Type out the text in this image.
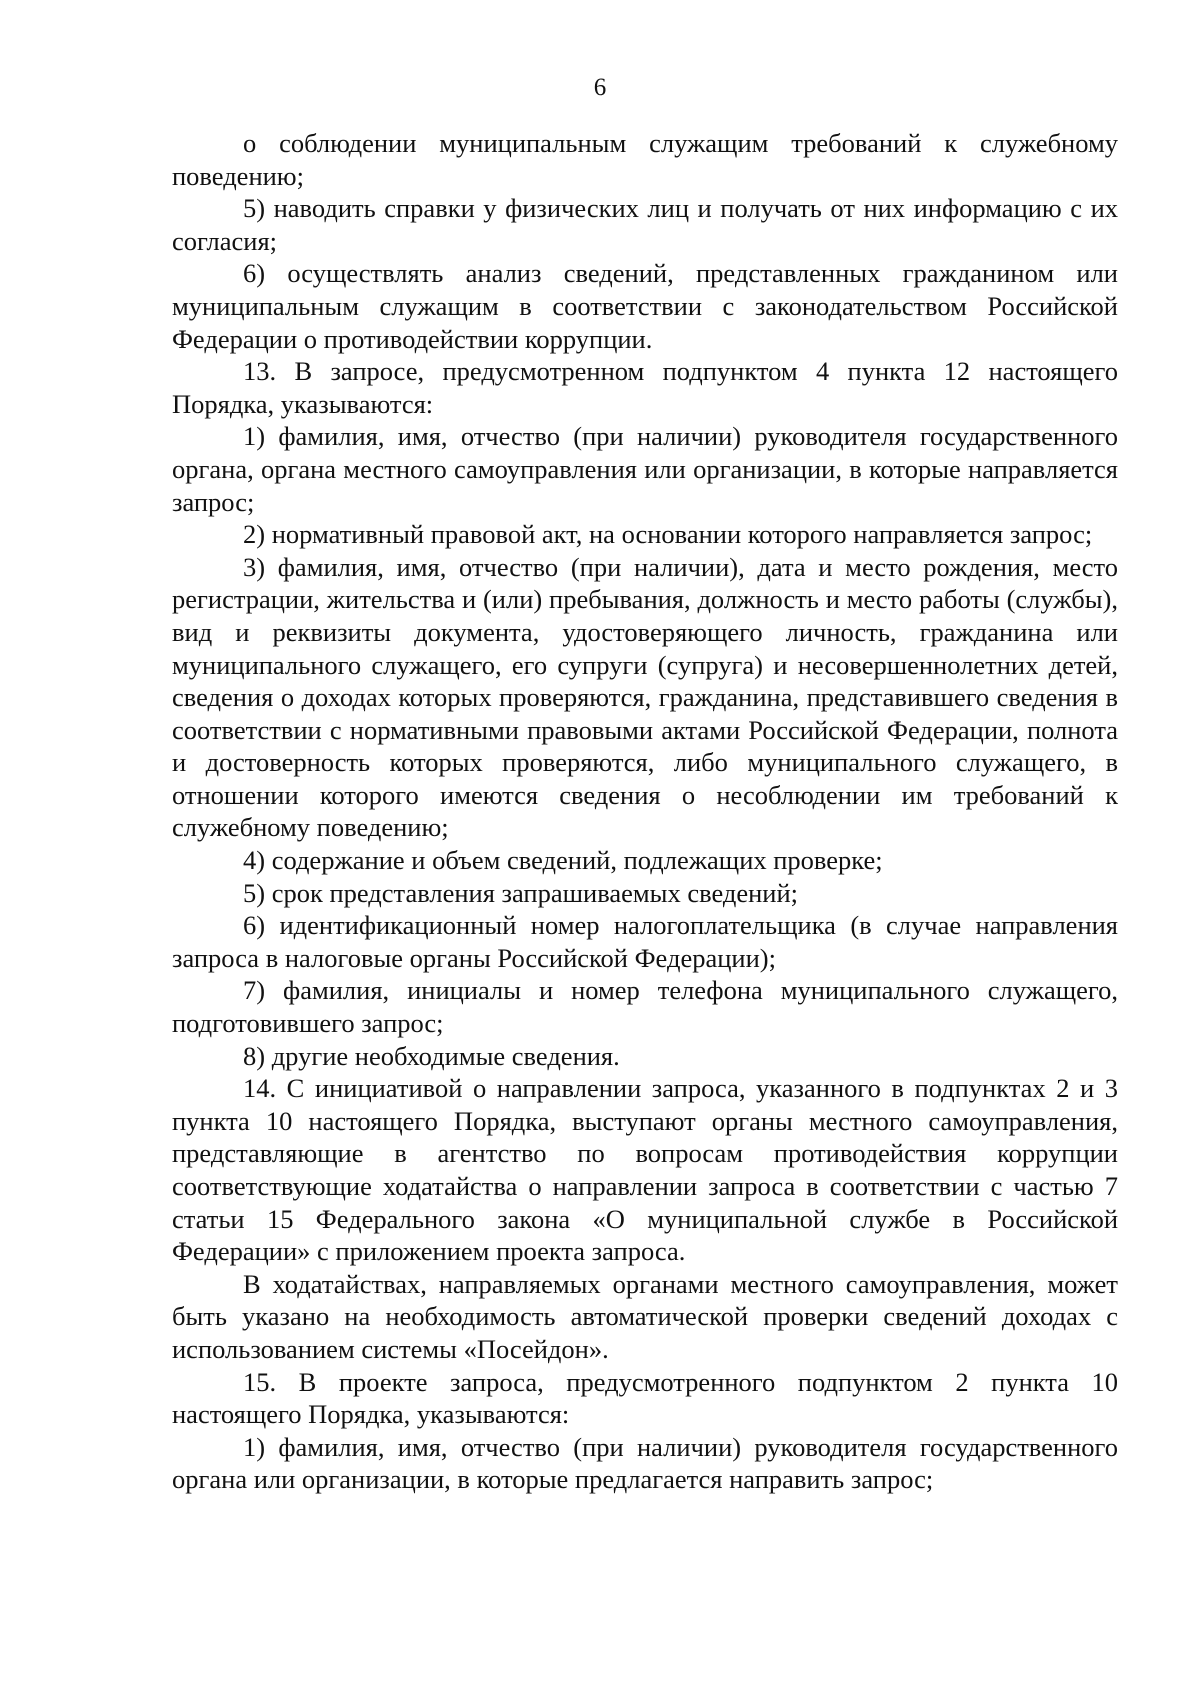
6

о соблюдении муниципальным служащим требований к служебному поведению;

5) наводить справки у физических лиц и получать от них информацию с их согласия;

6) осуществлять анализ сведений, представленных гражданином или муниципальным служащим в соответствии с законодательством Российской Федерации о противодействии коррупции.

13. В запросе, предусмотренном подпунктом 4 пункта 12 настоящего Порядка, указываются:

1) фамилия, имя, отчество (при наличии) руководителя государственного органа, органа местного самоуправления или организации, в которые направляется запрос;

2) нормативный правовой акт, на основании которого направляется запрос;

3) фамилия, имя, отчество (при наличии), дата и место рождения, место регистрации, жительства и (или) пребывания, должность и место работы (службы), вид и реквизиты документа, удостоверяющего личность, гражданина или муниципального служащего, его супруги (супруга) и несовершеннолетних детей, сведения о доходах которых проверяются, гражданина, представившего сведения в соответствии с нормативными правовыми актами Российской Федерации, полнота и достоверность которых проверяются, либо муниципального служащего, в отношении которого имеются сведения о несоблюдении им требований к служебному поведению;

4) содержание и объем сведений, подлежащих проверке;

5) срок представления запрашиваемых сведений;

6) идентификационный номер налогоплательщика (в случае направления запроса в налоговые органы Российской Федерации);

7) фамилия, инициалы и номер телефона муниципального служащего, подготовившего запрос;

8) другие необходимые сведения.

14. С инициативой о направлении запроса, указанного в подпунктах 2 и 3 пункта 10 настоящего Порядка, выступают органы местного самоуправления, представляющие в агентство по вопросам противодействия коррупции соответствующие ходатайства о направлении запроса в соответствии с частью 7 статьи 15 Федерального закона «О муниципальной службе в Российской Федерации» с приложением проекта запроса.

В ходатайствах, направляемых органами местного самоуправления, может быть указано на необходимость автоматической проверки сведений доходах с использованием системы «Посейдон».

15. В проекте запроса, предусмотренного подпунктом 2 пункта 10 настоящего Порядка, указываются:

1) фамилия, имя, отчество (при наличии) руководителя государственного органа или организации, в которые предлагается направить запрос;
